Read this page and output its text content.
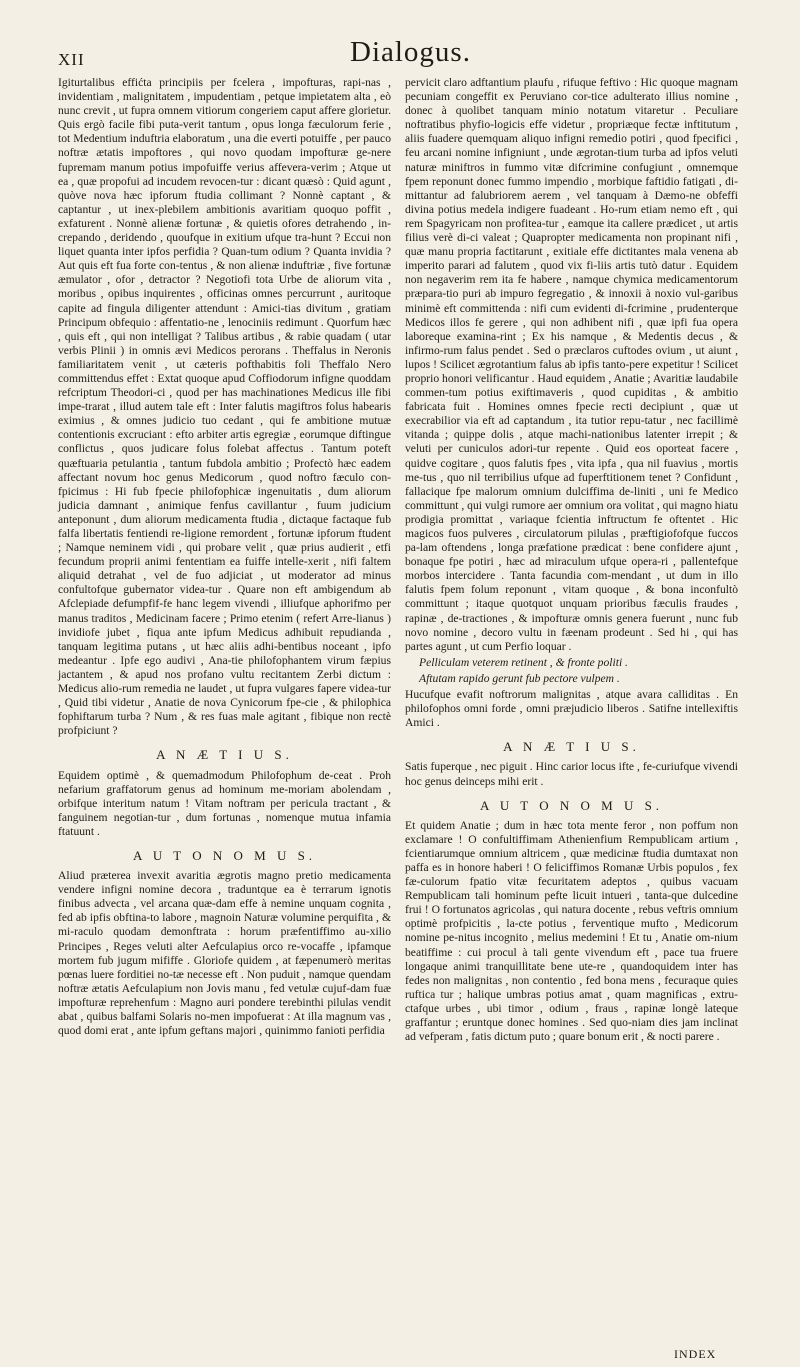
XII	Dialogus.

Igiturtalibus effićta principiis per fcelera , impofturas, rapi-nas , invidentiam , malignitatem , impudentiam , petque impietatem alta , eò nunc crevit , ut fupra omnem vitiorum congeriem caput affere glorietur. Quis ergò facile fibi puta-verit tantum , opus longa fæculorum ferie , tot Medentium induftria elaboratum , una die everti potuiffe , per pauco noftræ ætatis impoftores , qui novo quodam impofturæ ge-nere fupremam manum potius impofuiffe verius affevera-verim ; Atque ut ea , quæ propofui ad incudem revocen-tur : dicant quæsò : Quid agunt , quòve nova hæc ipforum ftudia collimant ? Nonnè captant , & captantur , ut inex-plebilem ambitionis avaritiam quoquo poffit , exfaturent . Nonnè alienæ fortunæ , & quietis ofores detrahendo , in-crepando , deridendo , quoufque in exitium ufque tra-hunt ? Eccui non liquet quanta inter ipfos perfidia ? Quan-tum odium ? Quanta invidia ? Aut quis eft fua forte con-tentus , & non alienæ induftriæ , five fortunæ æmulator , ofor , detractor ? Negotiofi tota Urbe de aliorum vita , moribus , opibus inquirentes , officinas omnes percurrunt , auritoque capite ad fingula diligenter attendunt : Amici-tias divitum , gratiam Principum obfequio : affentatio-ne , lenociniis redimunt . Quorfum hæc , quis eft , qui non intelligat ? Talibus artibus , & rabie quadam ( utar verbis Plinii ) in omnis ævi Medicos perorans . Theffalus in Neronis familiaritatem venit , ut cæteris pofthabitis foli Theffalo Nero committendus effet : Extat quoque apud Coffiodorum infigne quoddam refcriptum Theodori-ci , quod per has machinationes Medicus ille fibi impe-trarat , illud autem tale eft : Inter falutis magiftros folus habearis eximius , & omnes judicio tuo cedant , qui fe ambitione mutuæ contentionis excruciant : efto arbiter artis egregiæ , eorumque diftingue conflictus , quos judicare folus folebat affectus . Tantum poteft quæftuaria petulantia , tantum fubdola ambitio ; Profectò hæc eadem affectant novum hoc genus Medicorum , quod noftro fæculo con-fpicimus : Hi fub fpecie philofophicæ ingenuitatis , dum aliorum judicia damnant , animique fenfus cavillantur , fuum judicium anteponunt , dum aliorum medicamenta ftudia , dictaque factaque fub falfa libertatis fentiendi re-ligione remordent , fortunæ ipforum ftudent ; Namque neminem vidi , qui probare velit , quæ prius audierit , etfi fecundum proprii animi fententiam ea fuiffe intelle-xerit , nifi faltem aliquid detrahat , vel de fuo adjiciat , ut moderator ad minus confultofque gubernator videa-tur . Quare non eft ambigendum ab Afclepiade defumpfif-fe hanc legem vivendi , illiufque aphorifmo per manus traditos , Medicinam facere ; Primo etenim ( refert Arre-lianus ) invidiofe jubet , fiqua ante ipfum Medicus adhibuit repudianda , tanquam legitima putans , ut hæc aliis adhi-bentibus noceant , ipfo medeantur . Ipfe ego audivi , Ana-tie philofophantem virum fæpius jactantem , & apud nos profano vultu recitantem Zerbi dictum : Medicus alio-rum remedia ne laudet , ut fupra vulgares fapere videa-tur , Quid tibi videtur , Anatie de nova Cynicorum fpe-cie , & philophica fophiftarum turba ? Num , & res fuas male agitant , fibique non rectè profpiciunt ?

A N Æ T I U S.

Equidem optimè , & quemadmodum Philofophum de-ceat . Proh nefarium graffatorum genus ad hominum me-moriam abolendam , orbifque interitum natum ! Vitam noftram per pericula tractant , & fanguinem negotian-tur , dum fortunas , nomenque mutua infamia ftatuunt .

A U T O N O M U S.

Aliud præterea invexit avaritia ægrotis magno pretio medicamenta vendere infigni nomine decora , traduntque ea è terrarum ignotis finibus advecta , vel arcana quæ-dam effe à nemine unquam cognita , fed ab ipfis obftina-to labore , magnoin Naturæ volumine perquifita , & mi-raculo quodam demonftrata : horum præfentiffimo au-xilio Principes , Reges veluti alter Aefculapius orco re-vocaffe , ipfamque mortem fub jugum mififfe . Gloriofe quidem , at fæpenumerò meritas pœnas luere forditiei no-tæ necesse eft . Non puduit , namque quendam noftræ ætatis Aefculapium non Jovis manu , fed vetulæ cujuf-dam fuæ impofturæ reprehenfum : Magno auri pondere terebinthi pilulas vendit abat , quibus balfami Solaris no-men impofuerat : At illa magnum vas , quod domi erat , ante ipfum geftans majori , quinimmo fanioti perfidia

pervicit claro adftantium plaufu , rifuque feftivo : Hic quoque magnam pecuniam congeffit ex Peruviano cor-tice adulterato illius nomine , donec à quolibet tanquam minio notatum vitaretur . Peculiare noftratibus phyfio-logicis effe videtur , propriæque fectæ inftitutum , aliis fuadere quemquam aliquo infigni remedio potiri , quod fpecifici , feu arcani nomine infigniunt , unde ægrotan-tium turba ad ipfos veluti naturæ miniftros in fummo vitæ difcrimine confugiunt , omnemque fpem reponunt donec fummo impendio , morbique faftidio fatigati , di-mittantur ad falubriorem aerem , vel tanquam à Dæmo-ne obfeffi divina potius medela indigere fuadeant . Ho-rum etiam nemo eft , qui rem Spagyricam non profitea-tur , eamque ita callere prædicet , ut artis filius verè di-ci valeat ; Quapropter medicamenta non propinant nifi , quæ manu propria factitarunt , exitiale effe dictitantes mala venena ab imperito parari ad falutem , quod vix fi-liis artis tutò datur . Equidem non negaverim rem ita fe habere , namque chymica medicamentorum præpara-tio puri ab impuro fegregatio , & innoxii à noxio vul-garibus minimè eft committenda : nifi cum evidenti di-fcrimine , prudenterque Medicos illos fe gerere , qui non adhibent nifi , quæ ipfi fua opera laboreque examina-rint ; Ex his namque , & Medentis decus , & infirmo-rum falus pendet . Sed o præclaros cuftodes ovium , ut aiunt , lupos ! Scilicet ægrotantium falus ab ipfis tanto-pere expetitur ! Scilicet proprio honori velificantur . Haud equidem , Anatie ; Avaritiæ laudabile commen-tum potius exiftimaveris , quod cupiditas , & ambitio fabricata fuit . Homines omnes fpecie recti decipiunt , quæ ut execrabilior via eft ad captandum , ita tutior repu-tatur , nec facillimè vitanda ; quippe dolis , atque machi-nationibus latenter irrepit ; & veluti per cuniculos adori-tur repente . Quid eos oporteat facere , quidve cogitare , quos falutis fpes , vita ipfa , qua nil fuavius , mortis me-tus , quo nil terribilius ufque ad fuperftitionem tenet ? Confidunt , fallacique fpe malorum omnium dulciffima de-liniti , uni fe Medico committunt , qui vulgi rumore aer omnium ora volitat , qui magno hiatu prodigia promittat , variaque fcientia inftructum fe oftentet . Hic magicos fuos pulveres , circulatorum pilulas , præftigiofofque fuccos pa-lam oftendens , longa præfatione prædicat : bene confidere ajunt , bonaque fpe potiri , hæc ad miraculum ufque opera-ri , pallentefque morbos intercidere . Tanta facundia com-mendant , ut dum in illo falutis fpem folum reponunt , vitam quoque , & bona inconfultò committunt ; itaque quotquot unquam prioribus fæculis fraudes , rapinæ , de-tractiones , & impofturæ omnis genera fuerunt , nunc fub novo nomine , decoro vultu in fæenam prodeunt . Sed hi , qui has partes agunt , ut cum Perfio loquar .

Pelliculam veterem retinent , & fronte politi .

Aftutam rapido gerunt fub pectore vulpem .

Hucufque evafit noftrorum malignitas , atque avara calliditas . En philofophos omni forde , omni præjudicio liberos . Satifne intellexiftis Amici .

A N Æ T I U S.

Satis fuperque , nec piguit . Hinc carior locus ifte , fe-curiufque vivendi hoc genus deinceps mihi erit .

A U T O N O M U S.

Et quidem Anatie ; dum in hæc tota mente feror , non poffum non exclamare ! O confultiffimam Athenienfium Rempublicam artium , fcientiarumque omnium altricem , quæ medicinæ ftudia dumtaxat non paffa es in honore haberi ! O feliciffimos Romanæ Urbis populos , fex fæ-culorum fpatio vitæ fecuritatem adeptos , quibus vacuam Rempublicam tali hominum pefte licuit intueri , tanta-que dulcedine frui ! O fortunatos agricolas , qui natura docente , rebus veftris omnium optimè profpicitis , la-cte potius , ferventique mufto , Medicorum nomine pe-nitus incognito , melius medemini ! Et tu , Anatie om-nium beatiffime : cui procul à tali gente vivendum eft , pace tua fruere longaque animi tranquillitate bene ute-re , quandoquidem inter has fedes non malignitas , non contentio , fed bona mens , fecuraque quies ruftica tur ; halique umbras potius amat , quam magnificas , extru-ctafque urbes , ubi timor , odium , fraus , rapinæ longè lateque graffantur ; eruntque donec homines . Sed quo-niam dies jam inclinat ad vefperam , fatis dictum puto ; quare bonum erit , & nocti parere .

INDEX
